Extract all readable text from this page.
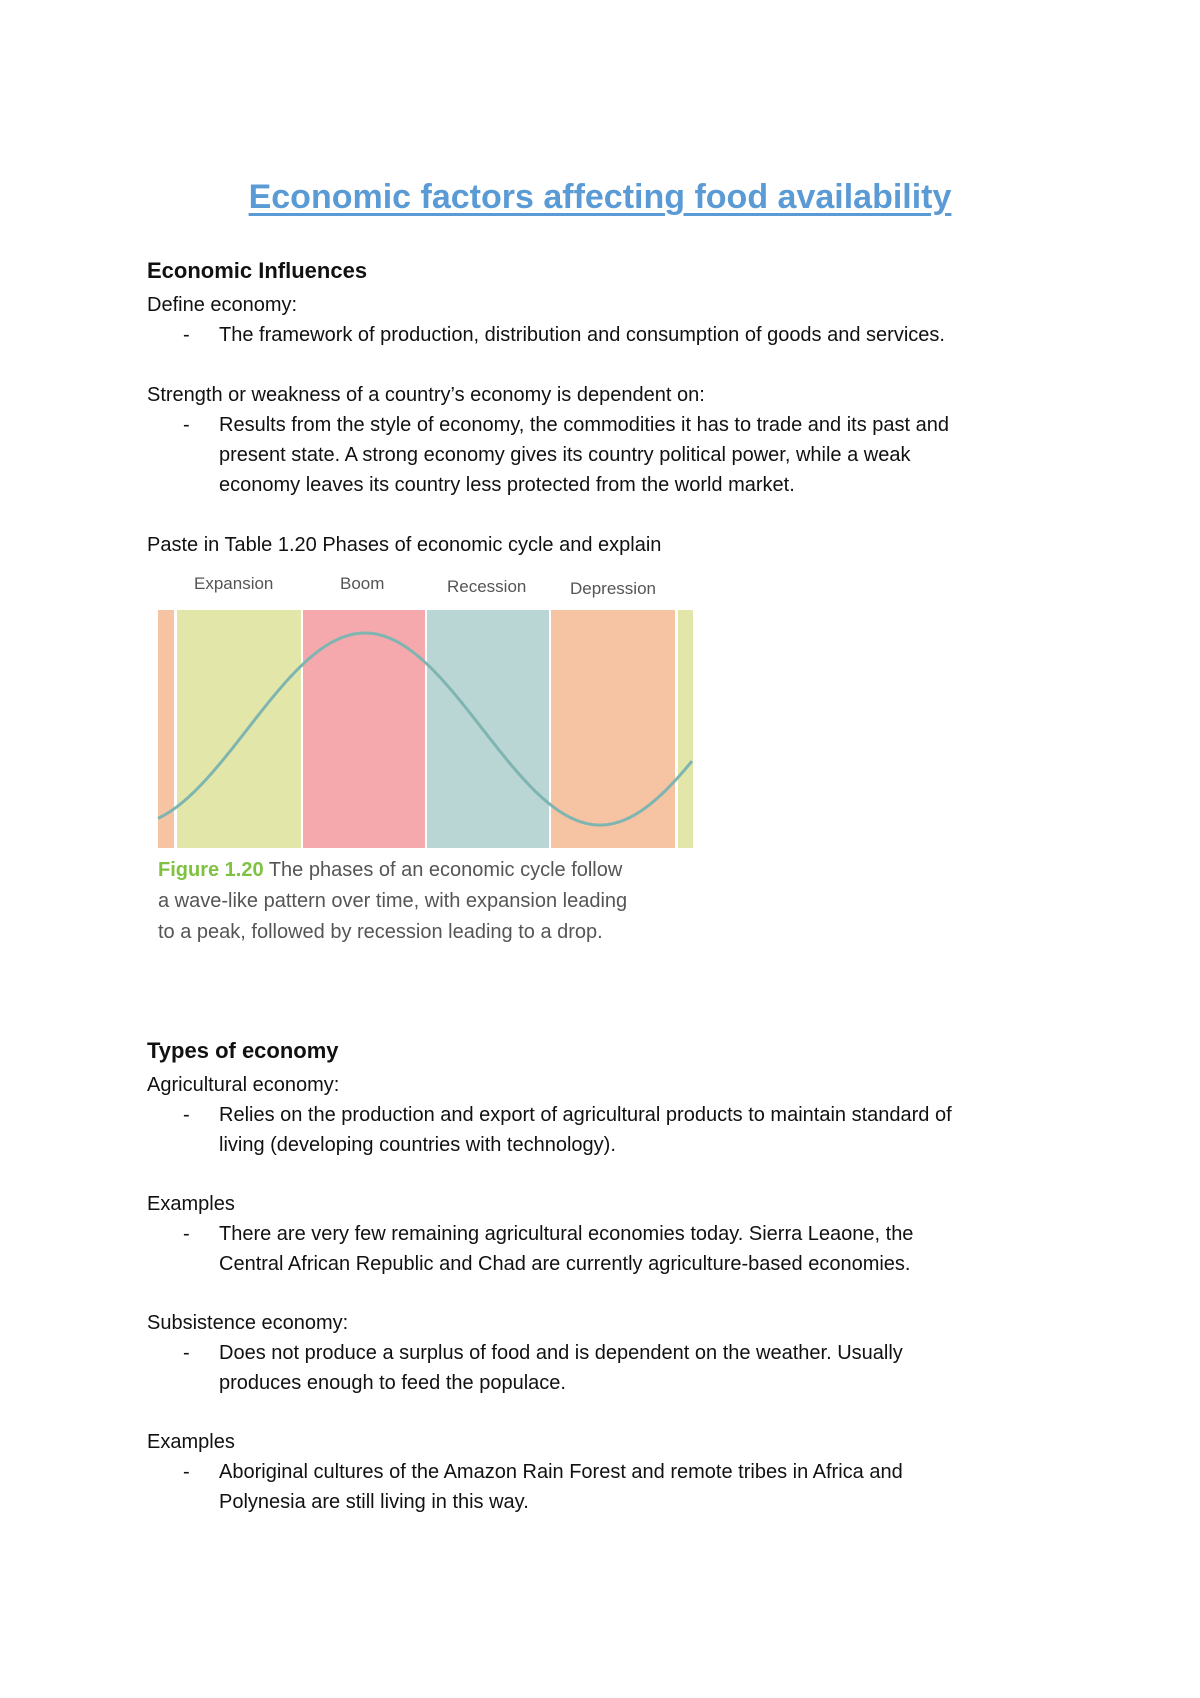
Economic factors affecting food availability
Economic Influences
Define economy:
- The framework of production, distribution and consumption of goods and services.
Strength or weakness of a country’s economy is dependent on:
- Results from the style of economy, the commodities it has to trade and its past and
present state. A strong economy gives its country political power, while a weak
economy leaves its country less protected from the world market.
Paste in Table 1.20 Phases of economic cycle and explain
Expansion	Boom	Recession	Depression
Figure 1.20 The phases of an economic cycle follow
a wave-like pattern over time, with expansion leading
to a peak, followed by recession leading to a drop.
Types of economy
Agricultural economy:
- Relies on the production and export of agricultural products to maintain standard of
living (developing countries with technology).
Examples
- There are very few remaining agricultural economies today. Sierra Leaone, the
Central African Republic and Chad are currently agriculture-based economies.
Subsistence economy:
- Does not produce a surplus of food and is dependent on the weather. Usually
produces enough to feed the populace.
Examples
- Aboriginal cultures of the Amazon Rain Forest and remote tribes in Africa and
Polynesia are still living in this way.
